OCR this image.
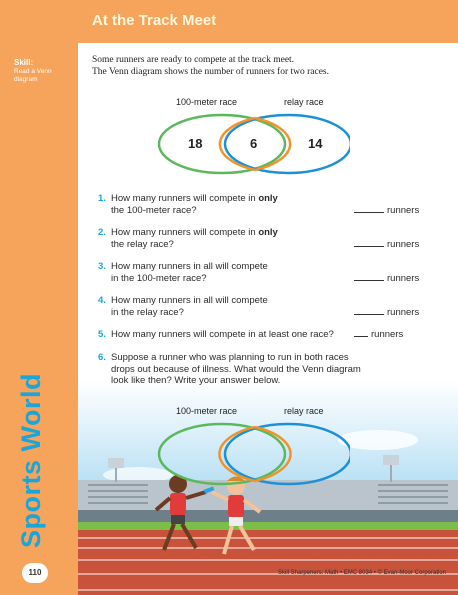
Skill:
Read a Venn diagram
Sports World
110
At the Track Meet
Some runners are ready to compete at the track meet.
The Venn diagram shows the number of runners for two races.
100-meter race	relay race
18	6	14
1. How many runners will compete in only
the 100-meter race?	runners
2. How many runners will compete in only
the relay race?	runners
3. How many runners in all will compete
in the 100-meter race?	runners
4. How many runners in all will compete
in the relay race?	runners
5. How many runners will compete in at least one race?	runners
6. Suppose a runner who was planning to run in both races
drops out because of illness. What would the Venn diagram
look like then? Write your answer below.
100-meter race	relay race
Skill Sharpeners: Math • EMC 8034 • © Evan-Moor Corporation
